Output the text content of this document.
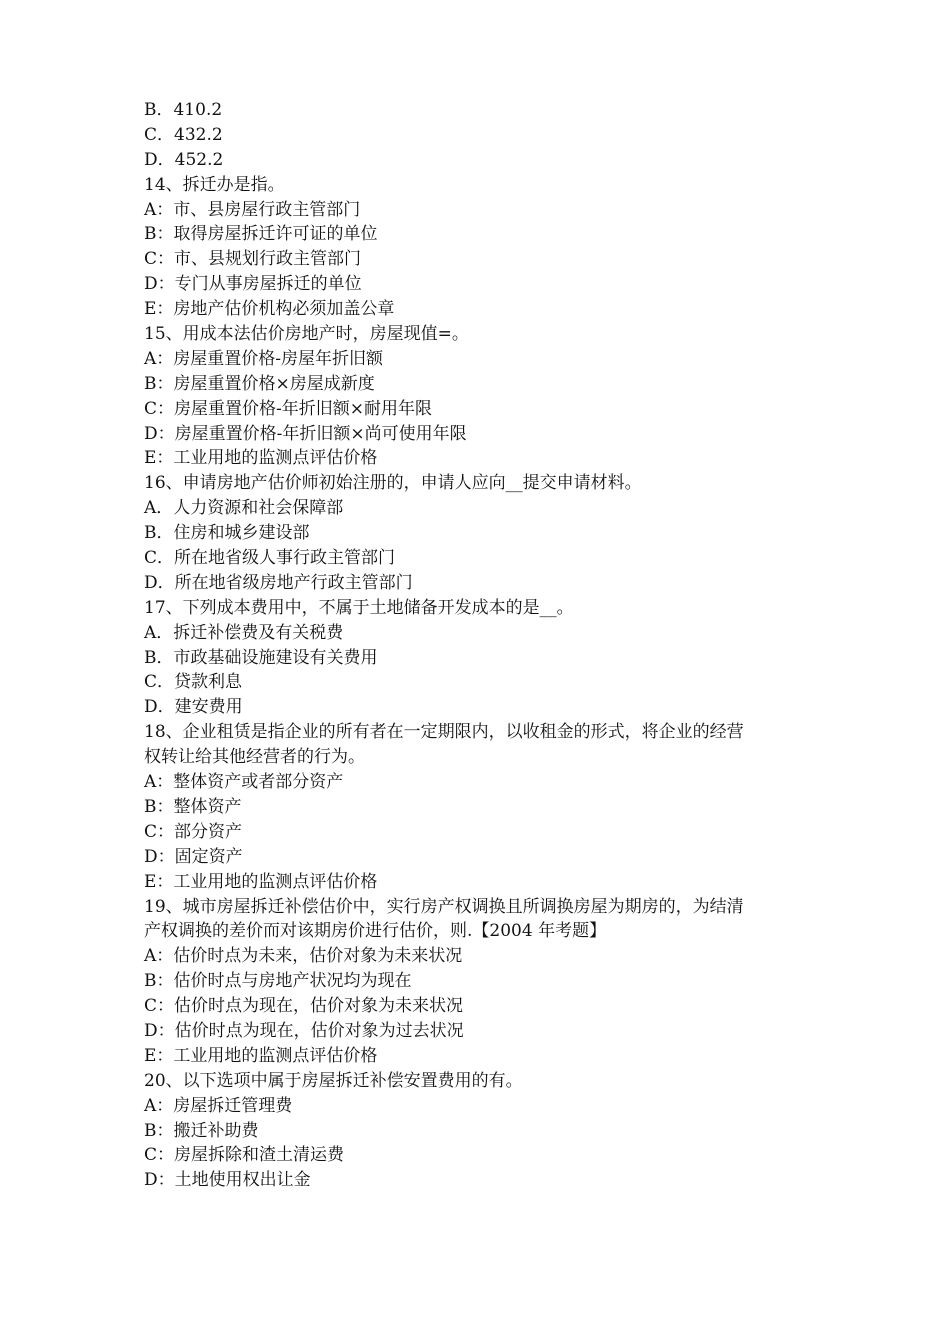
B．410.2
C．432.2
D．452.2
14、拆迁办是指。
A：市、县房屋行政主管部门
B：取得房屋拆迁许可证的单位
C：市、县规划行政主管部门
D：专门从事房屋拆迁的单位
E：房地产估价机构必须加盖公章
15、用成本法估价房地产时，房屋现值=。
A：房屋重置价格-房屋年折旧额
B：房屋重置价格×房屋成新度
C：房屋重置价格-年折旧额×耐用年限
D：房屋重置价格-年折旧额×尚可使用年限
E：工业用地的监测点评估价格
16、申请房地产估价师初始注册的，申请人应向__提交申请材料。
A．人力资源和社会保障部
B．住房和城乡建设部
C．所在地省级人事行政主管部门
D．所在地省级房地产行政主管部门
17、下列成本费用中，不属于土地储备开发成本的是__。
A．拆迁补偿费及有关税费
B．市政基础设施建设有关费用
C．贷款利息
D．建安费用
18、企业租赁是指企业的所有者在一定期限内，以收租金的形式，将企业的经营
权转让给其他经营者的行为。
A：整体资产或者部分资产
B：整体资产
C：部分资产
D：固定资产
E：工业用地的监测点评估价格
19、城市房屋拆迁补偿估价中，实行房产权调换且所调换房屋为期房的，为结清
产权调换的差价而对该期房价进行估价，则.【2004 年考题】
A：估价时点为未来，估价对象为未来状况
B：估价时点与房地产状况均为现在
C：估价时点为现在，估价对象为未来状况
D：估价时点为现在，估价对象为过去状况
E：工业用地的监测点评估价格
20、以下选项中属于房屋拆迁补偿安置费用的有。
A：房屋拆迁管理费
B：搬迁补助费
C：房屋拆除和渣土清运费
D：土地使用权出让金
